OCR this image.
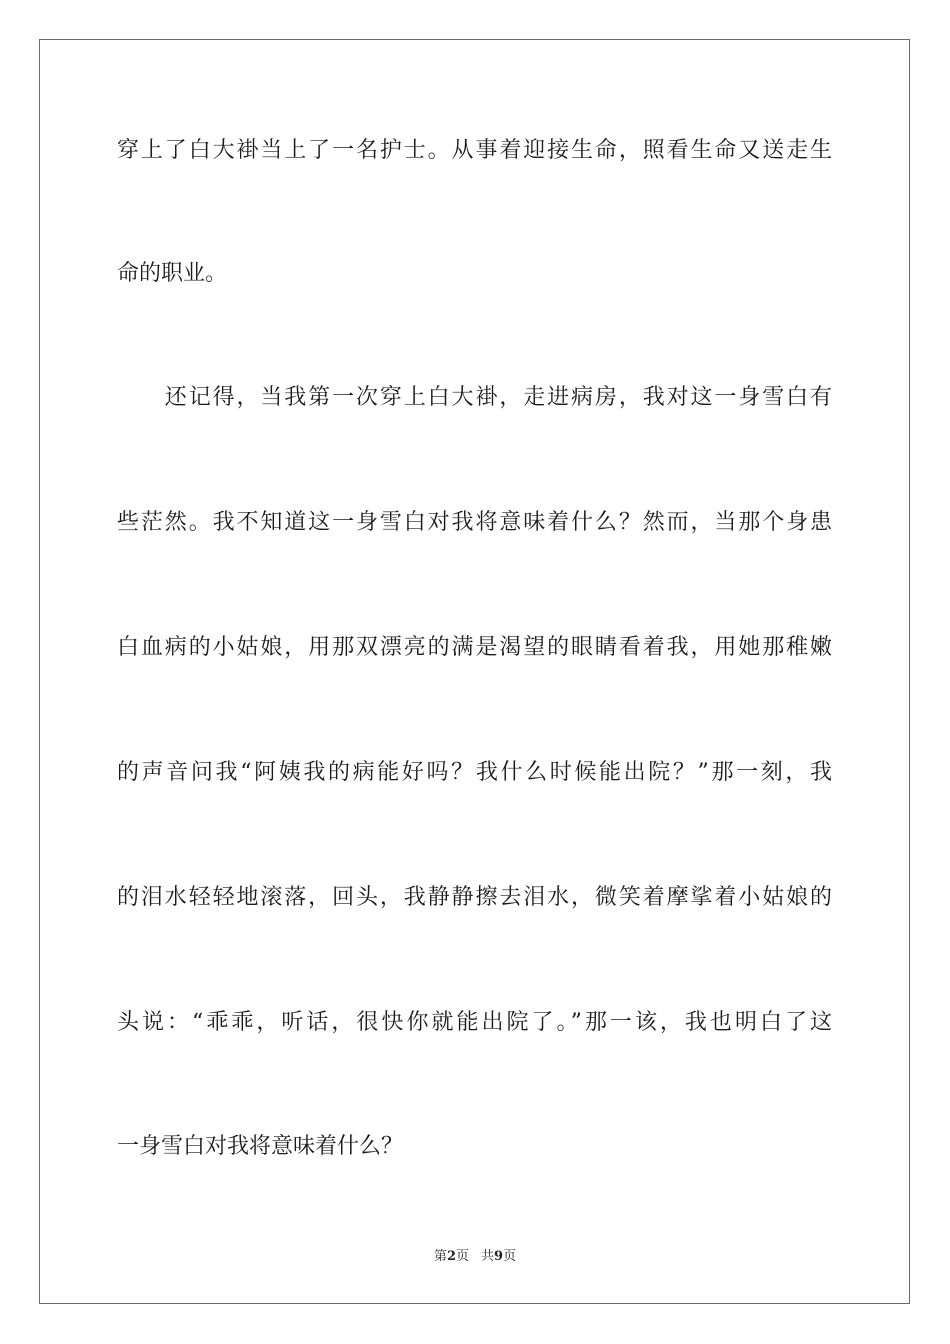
穿上了白大褂当上了一名护士。从事着迎接生命，照看生命又送走生
命的职业。
　　还记得，当我第一次穿上白大褂，走进病房，我对这一身雪白有
些茫然。我不知道这一身雪白对我将意味着什么？然而，当那个身患
白血病的小姑娘，用那双漂亮的满是渴望的眼睛看着我，用她那稚嫩
的声音问我“阿姨我的病能好吗？我什么时候能出院？”那一刻，我
的泪水轻轻地滚落，回头，我静静擦去泪水，微笑着摩挲着小姑娘的
头说：“乖乖，听话，很快你就能出院了。”那一该，我也明白了这
一身雪白对我将意味着什么？
第2页 共9页
